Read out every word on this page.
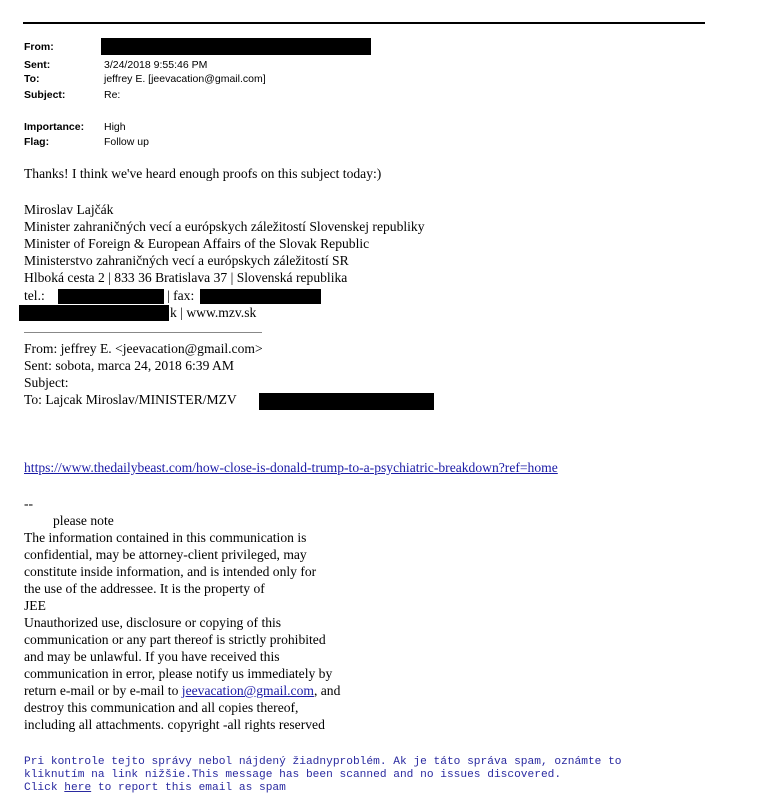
From:
Sent:	3/24/2018 9:55:46 PM
To:	jeffrey E. [jeevacation@gmail.com]
Subject:	Re:
Importance: High
Flag:	Follow up
Thanks! I think we've heard enough proofs on this subject today:)
Miroslav Lajčák
Minister zahraničných vecí a európskych záležitostí Slovenskej republiky
Minister of Foreign & European Affairs of the Slovak Republic
Ministerstvo zahraničných vecí a európskych záležitostí SR
Hlboká cesta 2 | 833 36 Bratislava 37 | Slovenská republika
tel.:	| fax:
k | www.mzv.sk
From: jeffrey E. <jeevacation@gmail.com>
Sent: sobota, marca 24, 2018 6:39 AM
Subject:
To: Lajcak Miroslav/MINISTER/MZV
https://www.thedailybeast.com/how-close-is-donald-trump-to-a-psychiatric-breakdown?ref=home
--
please note
The information contained in this communication is
confidential, may be attorney-client privileged, may
constitute inside information, and is intended only for
the use of the addressee. It is the property of
JEE
Unauthorized use, disclosure or copying of this
communication or any part thereof is strictly prohibited
and may be unlawful. If you have received this
communication in error, please notify us immediately by
return e-mail or by e-mail to jeevacation@gmail.com, and
destroy this communication and all copies thereof,
including all attachments. copyright -all rights reserved
Pri kontrole tejto správy nebol nájdený žiadnyproblém. Ak je táto správa spam, oznámte to
kliknutím na link nižšie.This message has been scanned and no issues discovered.
Click here to report this email as spam
